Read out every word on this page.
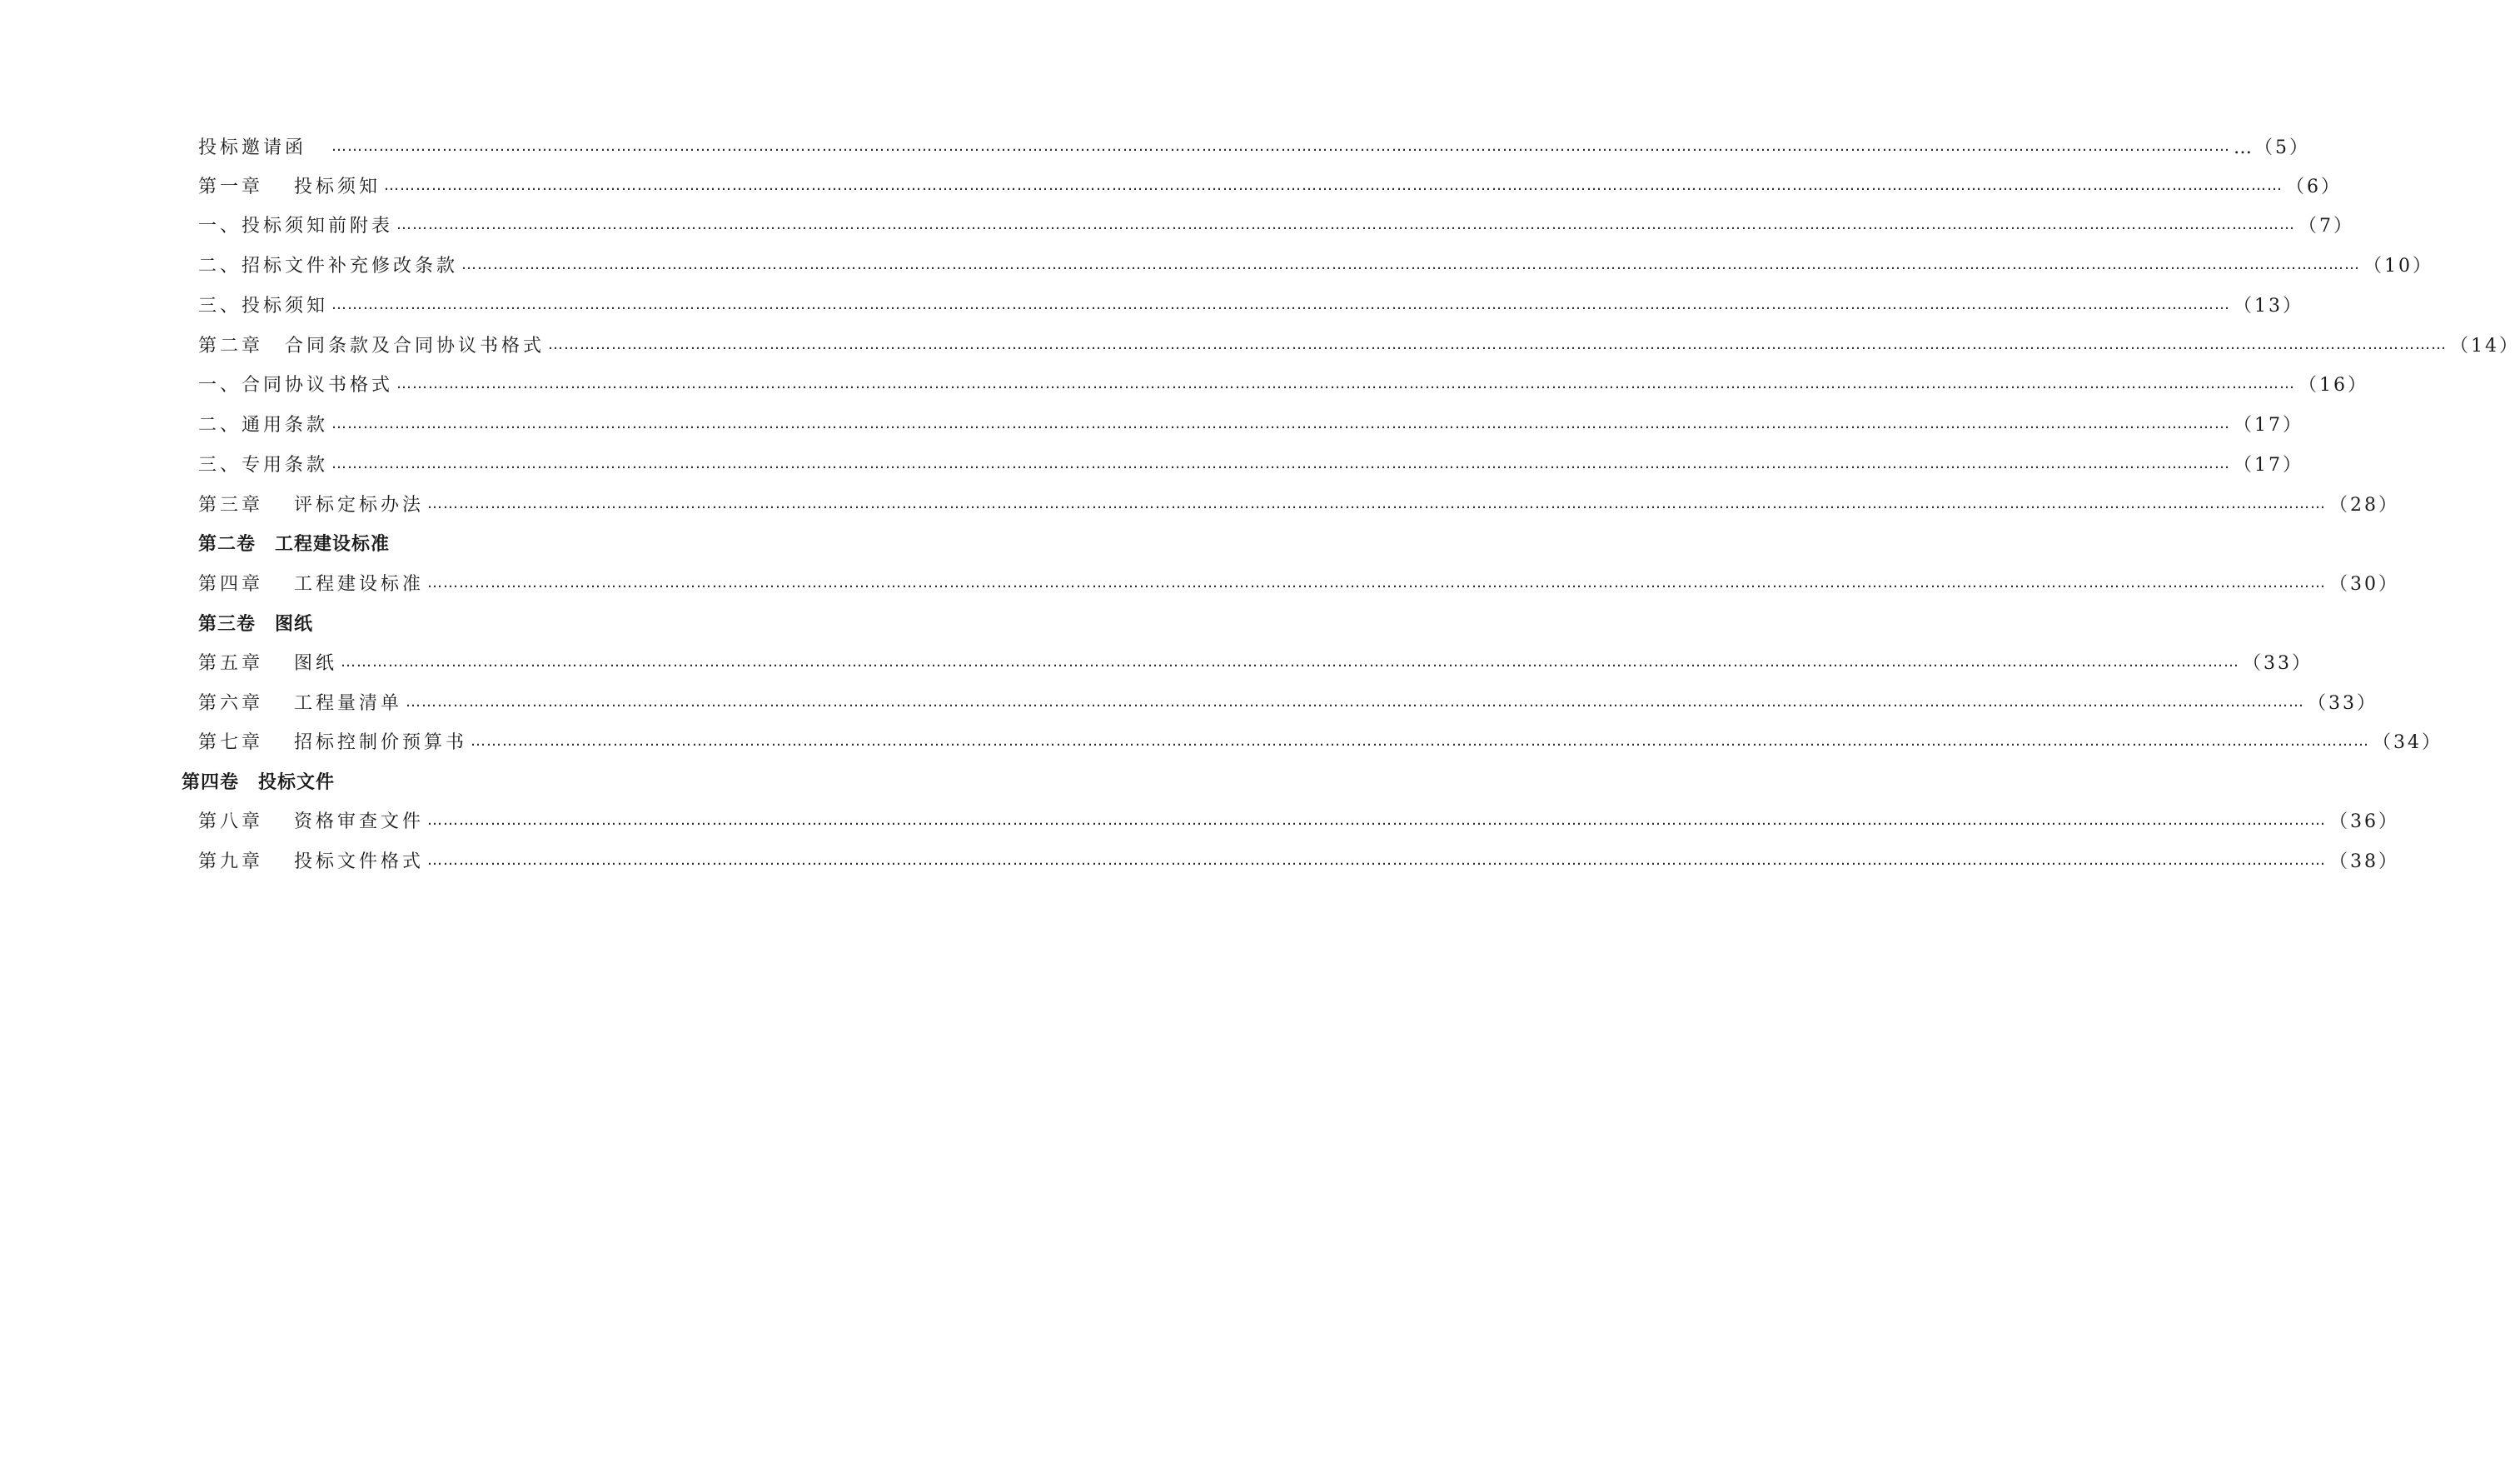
投标邀请函　 ……………………………………………………………………………………………………………………………………………………………………………………………………………………………………………………………………………………………………………………………… …（5）
第一章　 投标须知 ……………………………………………………………………………………………………………………………………………………………………………………………………………………………………………………………………………………………………………………………… （6）
一、投标须知前附表 ……………………………………………………………………………………………………………………………………………………………………………………………………………………………………………………………………………………………………………………………… （7）
二、招标文件补充修改条款 ……………………………………………………………………………………………………………………………………………………………………………………………………………………………………………………………………………………………………………………………… （10）
三、投标须知 ……………………………………………………………………………………………………………………………………………………………………………………………………………………………………………………………………………………………………………………………… （13）
第二章　合同条款及合同协议书格式 ……………………………………………………………………………………………………………………………………………………………………………………………………………………………………………………………………………………………………………………………… （14）
一、合同协议书格式 ……………………………………………………………………………………………………………………………………………………………………………………………………………………………………………………………………………………………………………………………… （16）
二、通用条款 ……………………………………………………………………………………………………………………………………………………………………………………………………………………………………………………………………………………………………………………………… （17）
三、专用条款 ……………………………………………………………………………………………………………………………………………………………………………………………………………………………………………………………………………………………………………………………… （17）
第三章　 评标定标办法 ……………………………………………………………………………………………………………………………………………………………………………………………………………………………………………………………………………………………………………………………… （28）
第二卷　工程建设标准
第四章　 工程建设标准 ……………………………………………………………………………………………………………………………………………………………………………………………………………………………………………………………………………………………………………………………… （30）
第三卷　图纸
第五章　 图纸 ……………………………………………………………………………………………………………………………………………………………………………………………………………………………………………………………………………………………………………………………… （33）
第六章　 工程量清单 ……………………………………………………………………………………………………………………………………………………………………………………………………………………………………………………………………………………………………………………………… （33）
第七章　 招标控制价预算书 ……………………………………………………………………………………………………………………………………………………………………………………………………………………………………………………………………………………………………………………………… （34）
第四卷　投标文件
第八章　 资格审查文件 ……………………………………………………………………………………………………………………………………………………………………………………………………………………………………………………………………………………………………………………………… （36）
第九章　 投标文件格式 ……………………………………………………………………………………………………………………………………………………………………………………………………………………………………………………………………………………………………………………………… （38）
